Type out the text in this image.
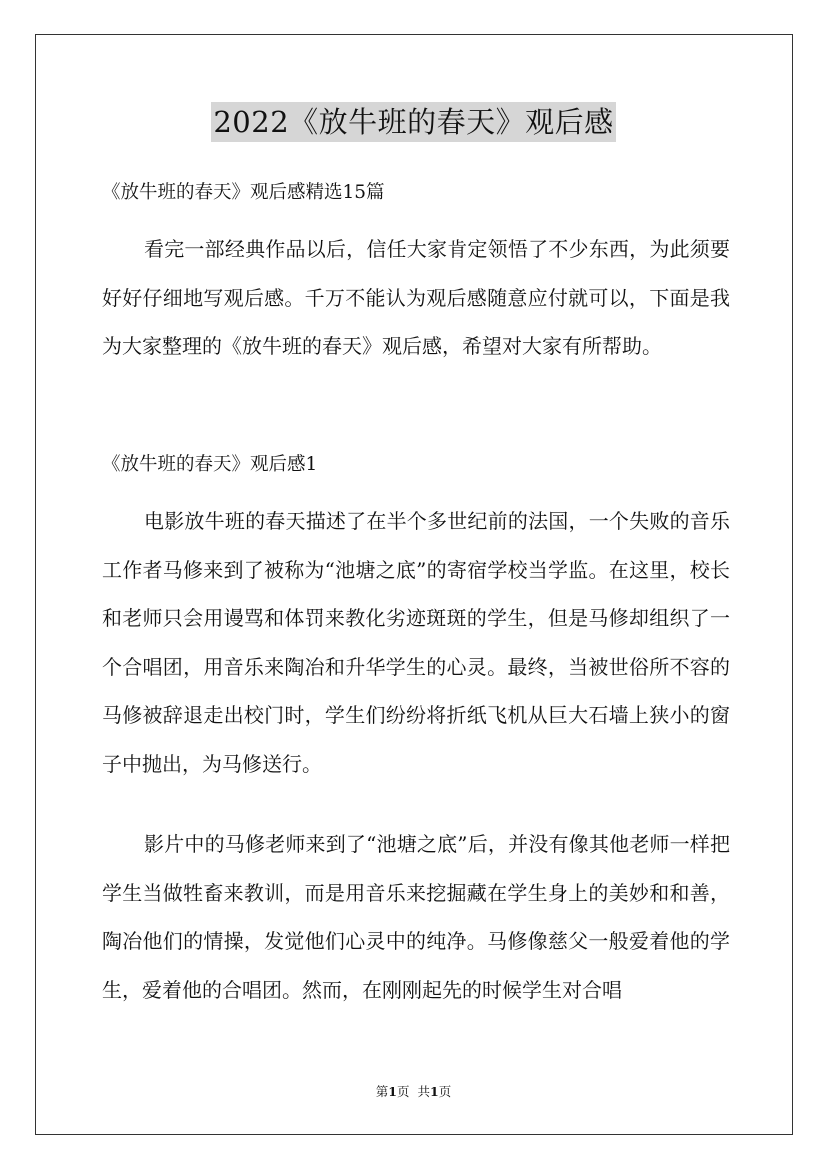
2022《放牛班的春天》观后感
《放牛班的春天》观后感精选15篇

看完一部经典作品以后，信任大家肯定领悟了不少东西，为此须要好好仔细地写观后感。千万不能认为观后感随意应付就可以，下面是我为大家整理的《放牛班的春天》观后感，希望对大家有所帮助。

《放牛班的春天》观后感1

电影放牛班的春天描述了在半个多世纪前的法国，一个失败的音乐工作者马修来到了被称为“池塘之底”的寄宿学校当学监。在这里，校长和老师只会用谩骂和体罚来教化劣迹斑斑的学生，但是马修却组织了一个合唱团，用音乐来陶冶和升华学生的心灵。最终，当被世俗所不容的马修被辞退走出校门时，学生们纷纷将折纸飞机从巨大石墙上狭小的窗子中抛出，为马修送行。

影片中的马修老师来到了“池塘之底”后，并没有像其他老师一样把学生当做牲畜来教训，而是用音乐来挖掘藏在学生身上的美妙和和善，陶冶他们的情操，发觉他们心灵中的纯净。马修像慈父一般爱着他的学生，爱着他的合唱团。然而，在刚刚起先的时候学生对合唱

第1页 共1页
